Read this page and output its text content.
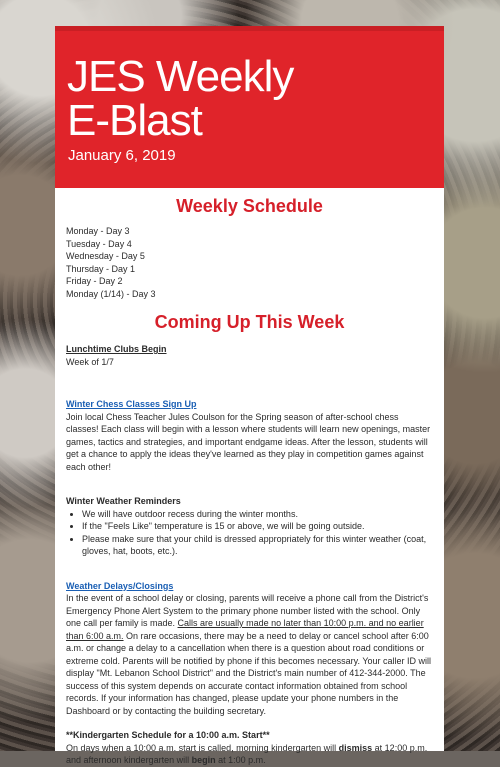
JES Weekly
E-Blast
January 6, 2019
Weekly Schedule
Monday - Day 3
Tuesday - Day 4
Wednesday - Day 5
Thursday - Day 1
Friday - Day 2
Monday (1/14) - Day 3
Coming Up This Week
Lunchtime Clubs Begin
Week of 1/7
Winter Chess Classes Sign Up

Join local Chess Teacher Jules Coulson for the Spring season of after-school chess classes! Each class will begin with a lesson where students will learn new openings, master games, tactics and strategies, and important endgame ideas. After the lesson, students will get a chance to apply the ideas they've learned as they play in competition games against each other!

Winter Weather Reminders
• We will have outdoor recess during the winter months.
• If the "Feels Like" temperature is 15 or above, we will be going outside.
• Please make sure that your child is dressed appropriately for this winter weather (coat, gloves, hat, boots, etc.).
Weather Delays/Closings

In the event of a school delay or closing, parents will receive a phone call from the District's Emergency Phone Alert System to the primary phone number listed with the school. Only one call per family is made. Calls are usually made no later than 10:00 p.m. and no earlier than 6:00 a.m. On rare occasions, there may be a need to delay or cancel school after 6:00 a.m. or change a delay to a cancellation when there is a question about road conditions or extreme cold. Parents will be notified by phone if this becomes necessary. Your caller ID will display "Mt. Lebanon School District" and the District's main number of 412-344-2000. The success of this system depends on accurate contact information obtained from school records. If your information has changed, please update your phone numbers in the Dashboard or by contacting the building secretary.

**Kindergarten Schedule for a 10:00 a.m. Start**

On days when a 10:00 a.m. start is called, morning kindergarten will dismiss at 12:00 p.m. and afternoon kindergarten will begin at 1:00 p.m.
